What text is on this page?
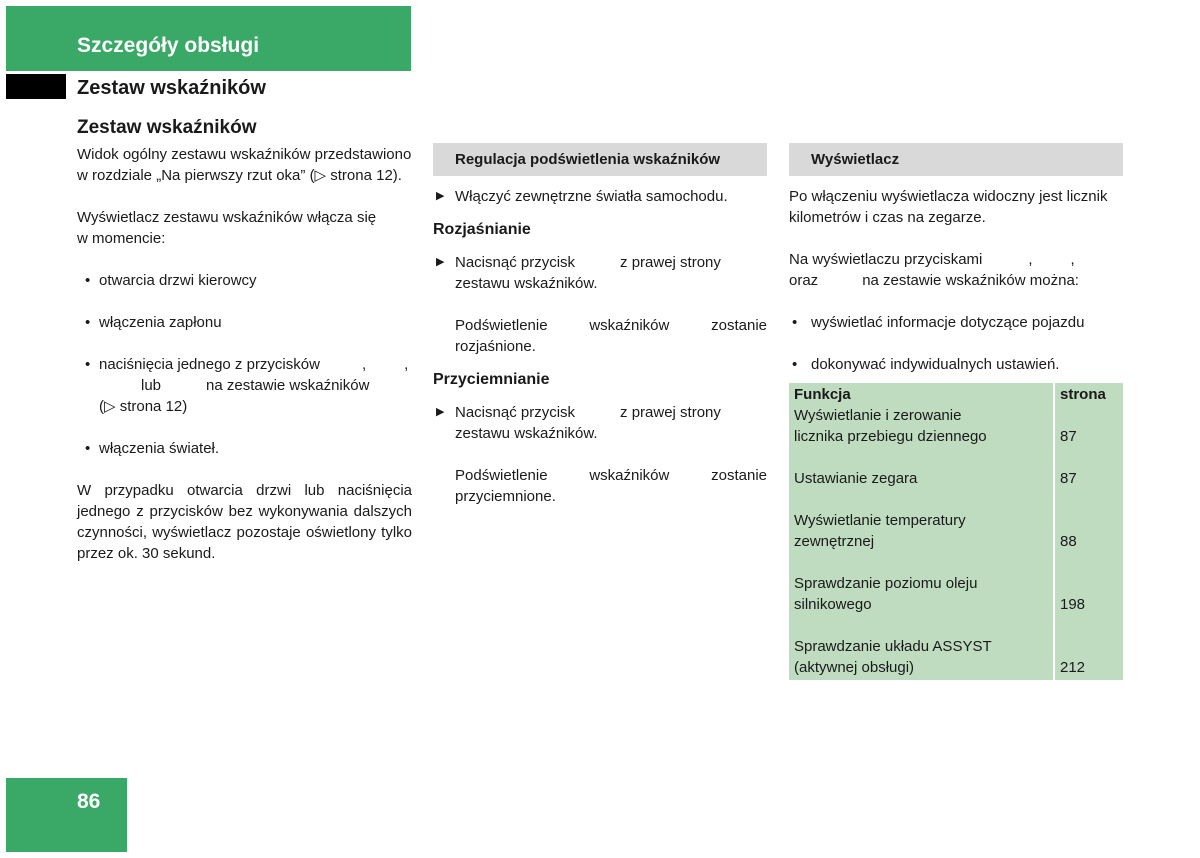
Szczegóły obsługi
Zestaw wskaźników
Zestaw wskaźników

Widok ogólny zestawu wskaźników przedstawiono

w rozdziale „Na pierwszy rzut oka” (▷ strona 12).

Wyświetlacz zestawu wskaźników włącza się

w momencie:

• otwarcia drzwi kierowcy
• włączenia zapłonu
• naciśnięcia jednego z przycisków	,	,
lub	na zestawie wskaźników
(▷ strona 12)
• włączenia świateł.

W przypadku otwarcia drzwi lub naciśnięcia jednego z przycisków bez wykonywania dalszych czynności, wyświetlacz pozostaje oświetlony tylko przez ok. 30 sekund.

Regulacja podświetlenia wskaźników
▶ Włączyć zewnętrzne światła samochodu.
Rozjaśnianie
▶ Nacisnąć przycisk	z prawej strony
zestawu wskaźników.

Podświetlenie wskaźników zostanie rozjaśnione.

Przyciemnianie
▶ Nacisnąć przycisk	z prawej strony
zestawu wskaźników.

Podświetlenie wskaźników zostanie przyciemnione.

Wyświetlacz

Po włączeniu wyświetlacza widoczny jest licznik kilometrów i czas na zegarze.

Na wyświetlaczu przyciskami	,	,
oraz	na zestawie wskaźników można:

• wyświetlać informacje dotyczące pojazdu
• dokonywać indywidualnych ustawień.
Funkcja	strona
Wyświetlanie i zerowanie
licznika przebiegu dziennego	87

Ustawianie zegara	87

Wyświetlanie temperatury
zewnętrznej	88

Sprawdzanie poziomu oleju
silnikowego	198

Sprawdzanie układu ASSYST
(aktywnej obsługi)	212
86
